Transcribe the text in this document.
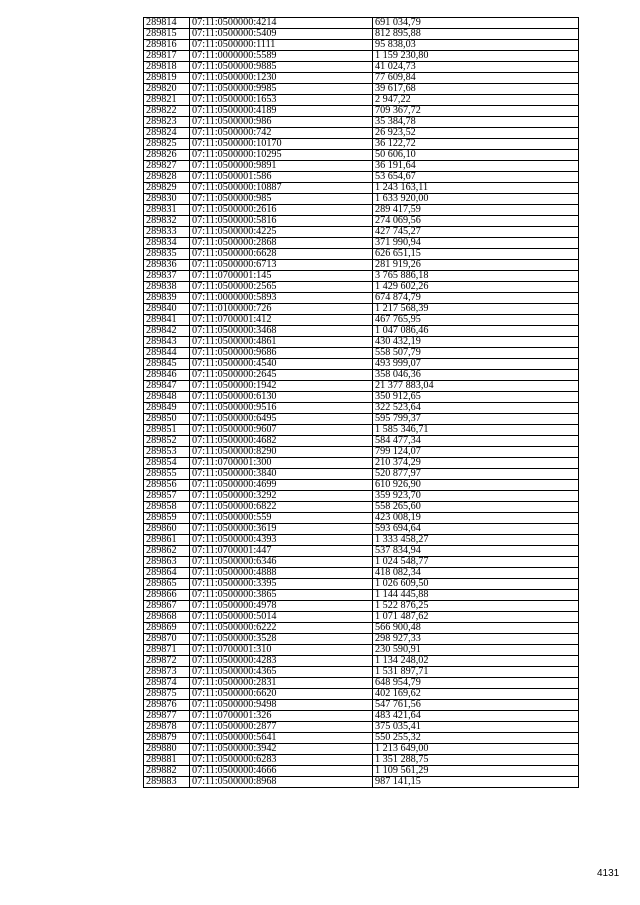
289814	07:11:0500000:4214	691 034,79
289815	07:11:0500000:5409	812 895,88
289816	07:11:0500000:1111	95 838,03
289817	07:11:0000000:5589	1 159 230,80
289818	07:11:0500000:9885	41 024,73
289819	07:11:0500000:1230	77 609,84
289820	07:11:0500000:9985	39 617,68
289821	07:11:0500000:1653	2 947,22
289822	07:11:0500000:4189	709 367,72
289823	07:11:0500000:986	35 384,78
289824	07:11:0500000:742	26 923,52
289825	07:11:0500000:10170	36 122,72
289826	07:11:0500000:10295	50 606,10
289827	07:11:0500000:9891	36 191,64
289828	07:11:0500001:586	53 654,67
289829	07:11:0500000:10887	1 243 163,11
289830	07:11:0500000:985	1 633 920,00
289831	07:11:0500000:2616	289 417,59
289832	07:11:0500000:5816	274 069,56
289833	07:11:0500000:4225	427 745,27
289834	07:11:0500000:2868	371 990,94
289835	07:11:0500000:6628	626 651,15
289836	07:11:0500000:6713	281 919,26
289837	07:11:0700001:145	3 765 886,18
289838	07:11:0500000:2565	1 429 602,26
289839	07:11:0000000:5893	674 874,79
289840	07:11:0100000:726	1 217 568,39
289841	07:11:0700001:412	467 765,95
289842	07:11:0500000:3468	1 047 086,46
289843	07:11:0500000:4861	430 432,19
289844	07:11:0500000:9686	558 507,79
289845	07:11:0500000:4540	493 999,07
289846	07:11:0500000:2645	358 046,36
289847	07:11:0500000:1942	21 377 883,04
289848	07:11:0500000:6130	350 912,65
289849	07:11:0500000:9516	322 523,64
289850	07:11:0500000:6495	595 799,37
289851	07:11:0500000:9607	1 585 346,71
289852	07:11:0500000:4682	584 477,34
289853	07:11:0500000:8290	799 124,07
289854	07:11:0700001:300	210 374,29
289855	07:11:0500000:3840	520 877,97
289856	07:11:0500000:4699	610 926,90
289857	07:11:0500000:3292	359 923,70
289858	07:11:0500000:6822	558 265,60
289859	07:11:0500000:559	423 008,19
289860	07:11:0500000:3619	593 694,64
289861	07:11:0500000:4393	1 333 458,27
289862	07:11:0700001:447	537 834,94
289863	07:11:0500000:6346	1 024 548,77
289864	07:11:0500000:4888	418 082,34
289865	07:11:0500000:3395	1 026 609,50
289866	07:11:0500000:3865	1 144 445,88
289867	07:11:0500000:4978	1 522 876,25
289868	07:11:0500000:5014	1 071 487,62
289869	07:11:0500000:6222	566 900,48
289870	07:11:0500000:3528	298 927,33
289871	07:11:0700001:310	230 590,91
289872	07:11:0500000:4283	1 134 248,02
289873	07:11:0500000:4365	1 531 897,71
289874	07:11:0500000:2831	648 954,79
289875	07:11:0500000:6620	402 169,62
289876	07:11:0500000:9498	547 761,56
289877	07:11:0700001:326	483 421,64
289878	07:11:0500000:2877	375 035,41
289879	07:11:0500000:5641	550 255,32
289880	07:11:0500000:3942	1 213 649,00
289881	07:11:0500000:6283	1 351 288,75
289882	07:11:0500000:4666	1 109 561,29
289883	07:11:0500000:8968	987 141,15
4131
